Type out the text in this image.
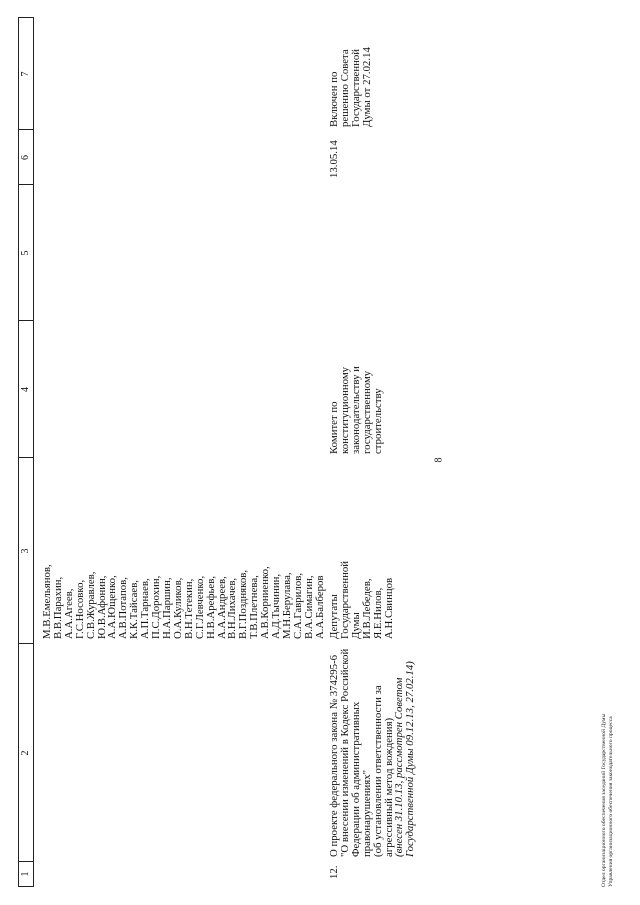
8
1
2
3
4
5
6
7
М.В.Емельянов,
В.В.Парахин,
А.А.Агеев,
Г.С.Носовко,
С.В.Журавлев,
Ю.В.Афонин,
А.А.Ющенко,
А.В.Потапов,
К.К.Тайсаев,
А.П.Тарнаев,
П.С.Дорохин,
Н.А.Паршин,
О.А.Куликов,
В.Н.Тетекин,
С.Г.Левченко,
Н.В.Арефьев,
А.А.Андреев,
В.Н.Лихачев,
В.Г.Поздняков,
Т.В.Плетнева,
А.В.Корниенко,
А.Д.Тычинин,
М.Н.Берулава,
С.А.Гаврилов,
В.А.Симагин,
А.А.Балберов
12.
О проекте федерального закона № 374295-6
"О внесении изменений в Кодекс Российской
Федерации об административных
правонарушениях"
(об установлении ответственности за
агрессивный метод вождения)
(внесен 31.10.13, рассмотрен Советом
Государственной Думы 09.12.13, 27.02.14)
Депутаты
Государственной
Думы
И.В.Лебедев,
Я.Е.Нилов,
А.Н.Свинцов
Комитет по
конституционному
законодательству и
государственному
строительству
13.05.14
Включен по
решению Совета
Государственной
Думы от 27.02.14
Отдел организационного обеспечения заседаний Государственной Думы Управления организационного обеспечения законодательного процесса
